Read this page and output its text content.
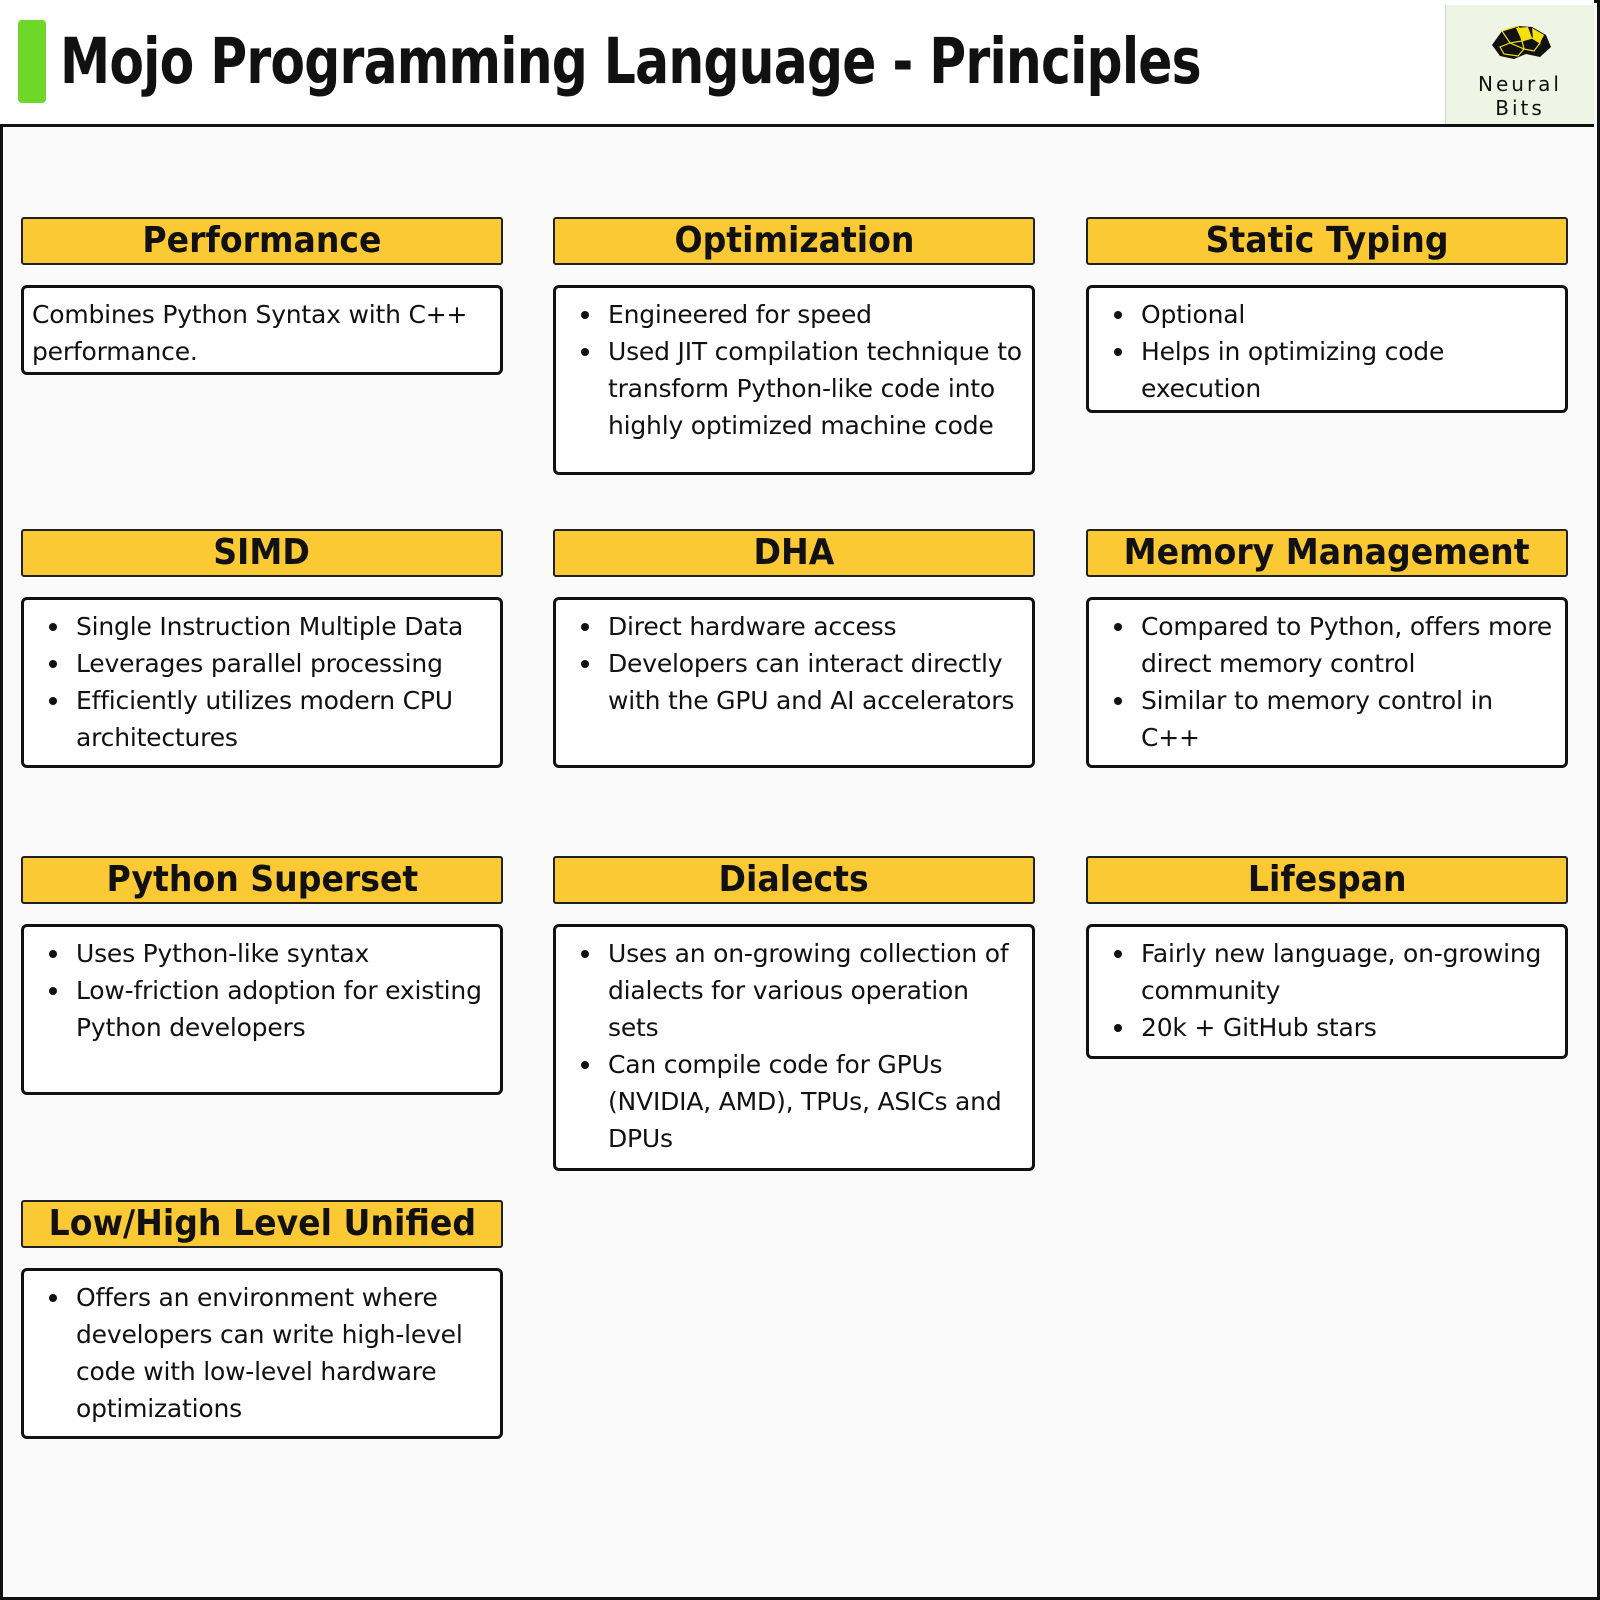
Mojo Programming Language - Principles	Neural
Bits
Performance

Combines Python Syntax with C++ performance.

Optimization
Engineered for speed
Used JIT compilation technique to transform Python-like code into highly optimized machine code
Static Typing
Optional
Helps in optimizing code execution
SIMD
Single Instruction Multiple Data
Leverages parallel processing
Efficiently utilizes modern CPU architectures
DHA
Direct hardware access
Developers can interact directly with the GPU and AI accelerators
Memory Management
Compared to Python, offers more direct memory control
Similar to memory control in C++
Python Superset
Uses Python-like syntax
Low-friction adoption for existing Python developers
Dialects
Uses an on-growing collection of dialects for various operation sets
Can compile code for GPUs (NVIDIA, AMD), TPUs, ASICs and DPUs
Lifespan
Fairly new language, on-growing community
20k + GitHub stars
Low/High Level Unified
Offers an environment where developers can write high-level code with low-level hardware optimizations
